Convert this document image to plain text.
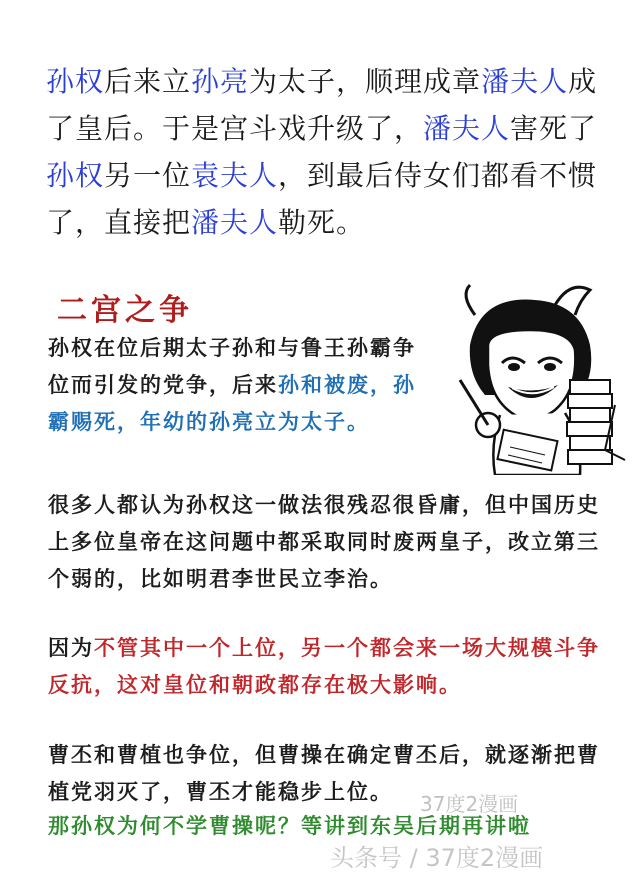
孙权后来立孙亮为太子，顺理成章潘夫人成了皇后。于是宫斗戏升级了，潘夫人害死了孙权另一位袁夫人，到最后侍女们都看不惯了，直接把潘夫人勒死。
二宫之争
孙权在位后期太子孙和与鲁王孙霸争位而引发的党争，后来孙和被废，孙霸赐死，年幼的孙亮立为太子。
很多人都认为孙权这一做法很残忍很昏庸，但中国历史上多位皇帝在这问题中都采取同时废两皇子，改立第三个弱的，比如明君李世民立李治。
因为不管其中一个上位，另一个都会来一场大规模斗争反抗，这对皇位和朝政都存在极大影响。
曹丕和曹植也争位，但曹操在确定曹丕后，就逐渐把曹植党羽灭了，曹丕才能稳步上位。
那孙权为何不学曹操呢？等讲到东吴后期再讲啦
37度2漫画
头条号 / 37度2漫画
